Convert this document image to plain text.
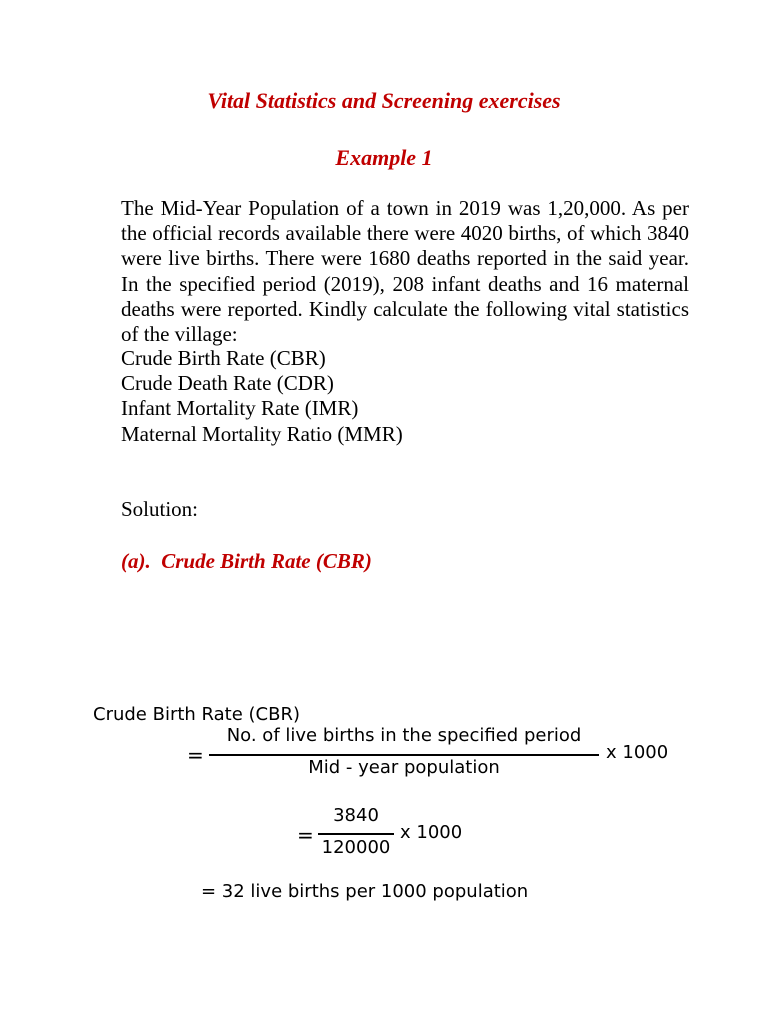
Vital Statistics and Screening exercises
Example 1
The Mid-Year Population of a town in 2019 was 1,20,000. As per the official records available there were 4020 births, of which 3840 were live births. There were 1680 deaths reported in the said year. In the specified period (2019), 208 infant deaths and 16 maternal deaths were reported. Kindly calculate the following vital statistics of the village:
Crude Birth Rate (CBR)
Crude Death Rate (CDR)
Infant Mortality Rate (IMR)
Maternal Mortality Ratio (MMR)
Solution:
(a).  Crude Birth Rate (CBR)
Crude Birth Rate (CBR)
=
No. of live births in the specified period
Mid - year population
x 1000
=
3840
120000
x 1000
= 32 live births per 1000 population
